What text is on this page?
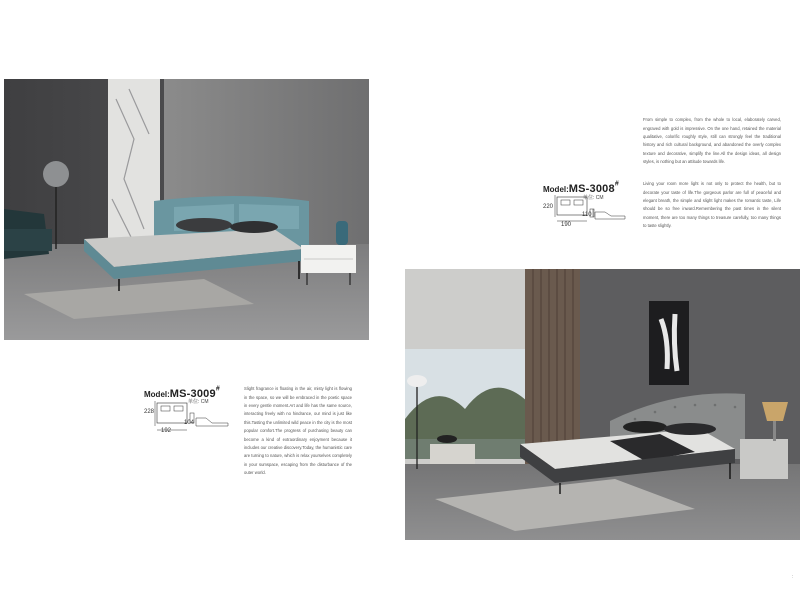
Model:MS-3008#
单位: CM
220
190
110

From simple to complex, from the whole to local, elaborately carved, engraved with gold is impressive. On the one hand, retained the material qualitative, colorific roughly style, still can strongly feel the traditional history and rich cultural background, and abandoned the overly complex texture and decorative, simplify the line.All the design ideas, all design styles, is nothing but an attitude towards life.

Living your room more light is not only to protect the health, but to decorate your taste of life.The gorgeous parlor are full of peaceful and elegant breath, the simple and slight light makes the romantic taste, Life should be so free inward.Remembering the past times in the silent moment, there are too many things to treasure carefully, too many things to taste slightly.

Model:MS-3009#
单位: CM
228
192
104

Slight fragrance is floating in the air, misty light is flowing in the space, so we will be embraced in the poetic space in every gentle moment.Art and life has the same source, interacting freely with no hindrance, our mind is just like this.Tasting the unlimited wild peace in the city is the most popular comfort.The progress of purchasing beauty can become a kind of extraordinary enjoyment because it includes our creative discovery.Today, the humanistic care are turning to nature, which is relax yourselves completely in your sumspace, escaping from the disturbance of the outer world.

:
